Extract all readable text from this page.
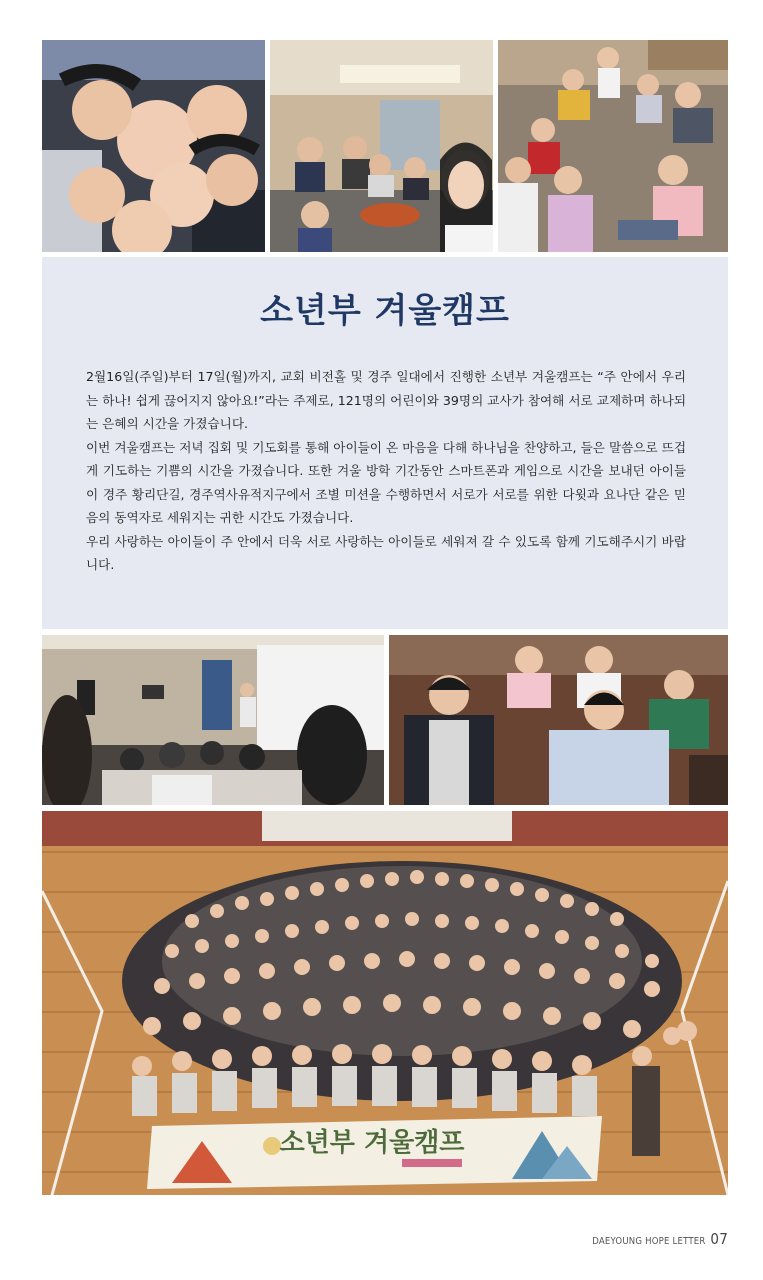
소년부 겨울캠프

2월16일(주일)부터 17일(월)까지, 교회 비전홀 및 경주 일대에서 진행한 소년부 겨울캠프는 “주 안에서 우리는 하나! 쉽게 끊어지지 않아요!”라는 주제로, 121명의 어린이와 39명의 교사가 참여해 서로 교제하며 하나되는 은혜의 시간을 가졌습니다.

이번 겨울캠프는 저녁 집회 및 기도회를 통해 아이들이 온 마음을 다해 하나님을 찬양하고, 들은 말씀으로 뜨겁게 기도하는 기쁨의 시간을 가졌습니다. 또한 겨울 방학 기간동안 스마트폰과 게임으로 시간을 보내던 아이들이 경주 황리단길, 경주역사유적지구에서 조별 미션을 수행하면서 서로가 서로를 위한 다윗과 요나단 같은 믿음의 동역자로 세워지는 귀한 시간도 가졌습니다.

우리 사랑하는 아이들이 주 안에서 더욱 서로 사랑하는 아이들로 세워져 갈 수 있도록 함께 기도해주시기 바랍니다.

소년부 겨울캠프
DAEYOUNG HOPE LETTER 07
